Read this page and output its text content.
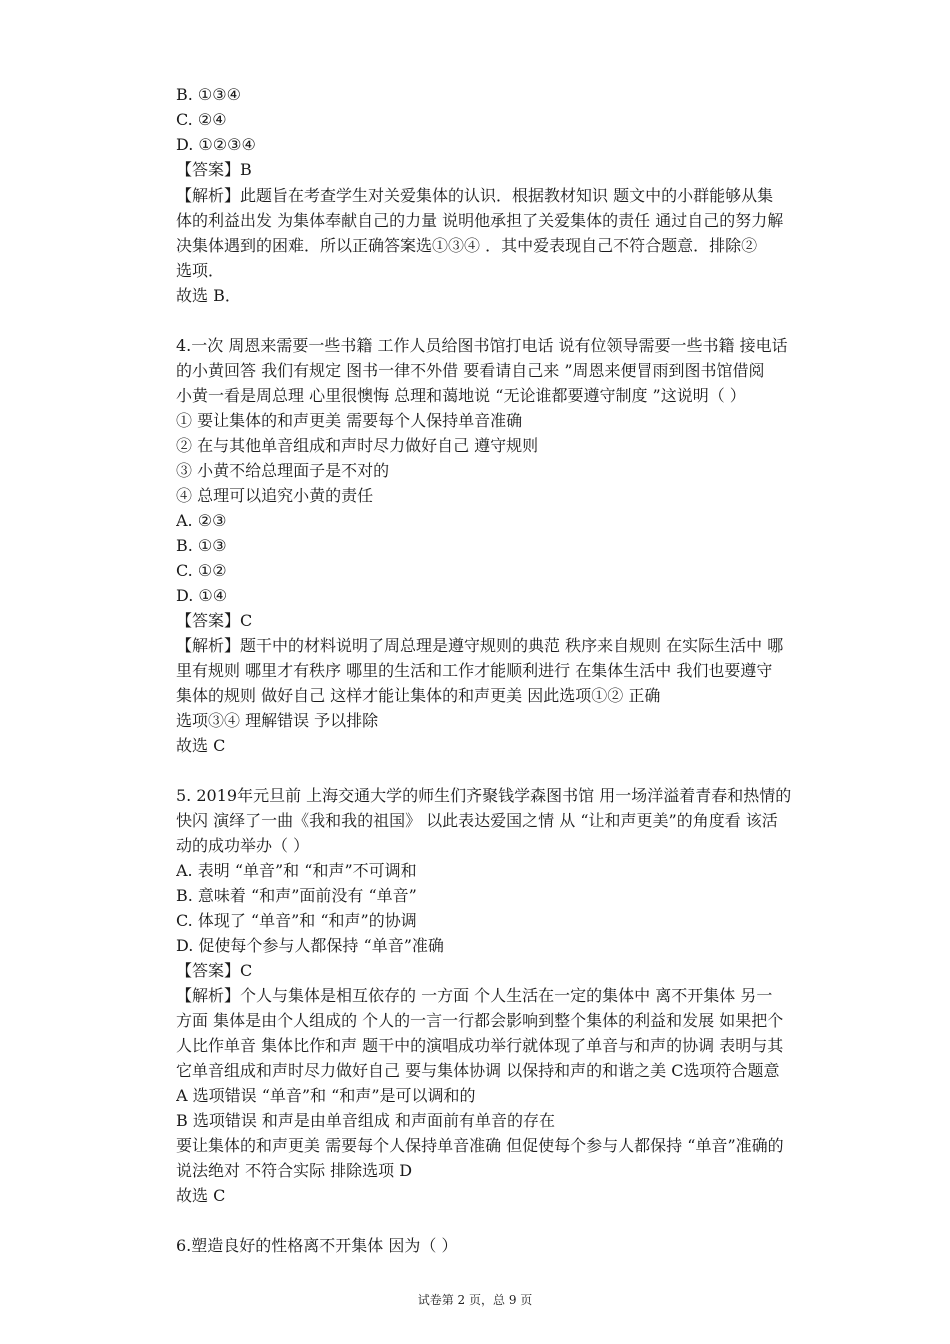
B. ①③④
C. ②④
D. ①②③④
【答案】B
【解析】此题旨在考查学生对关爱集体的认识．根据教材知识 题文中的小群能够从集
体的利益出发 为集体奉献自己的力量 说明他承担了关爱集体的责任 通过自己的努力解
决集体遇到的困难．所以正确答案选①③④ ．其中爱表现自己不符合题意．排除②
选项．
故选 B．
4.一次 周恩来需要一些书籍 工作人员给图书馆打电话 说有位领导需要一些书籍 接电话
的小黄回答 我们有规定 图书一律不外借 要看请自己来 ”周恩来便冒雨到图书馆借阅
小黄一看是周总理 心里很懊悔 总理和蔼地说 “无论谁都要遵守制度 ”这说明（ ）
① 要让集体的和声更美 需要每个人保持单音准确
② 在与其他单音组成和声时尽力做好自己 遵守规则
③ 小黄不给总理面子是不对的
④ 总理可以追究小黄的责任
A. ②③
B. ①③
C. ①②
D. ①④
【答案】C
【解析】题干中的材料说明了周总理是遵守规则的典范 秩序来自规则 在实际生活中 哪
里有规则 哪里才有秩序 哪里的生活和工作才能顺利进行 在集体生活中 我们也要遵守
集体的规则 做好自己 这样才能让集体的和声更美 因此选项①② 正确
选项③④ 理解错误 予以排除
故选 C
5. 2019年元旦前 上海交通大学的师生们齐聚钱学森图书馆 用一场洋溢着青春和热情的
快闪 演绎了一曲《我和我的祖国》 以此表达爱国之情 从 “让和声更美”的角度看 该活
动的成功举办（ ）
A. 表明 “单音”和 “和声”不可调和
B. 意味着 “和声”面前没有 “单音”
C. 体现了 “单音”和 “和声”的协调
D. 促使每个参与人都保持 “单音”准确
【答案】C
【解析】个人与集体是相互依存的 一方面 个人生活在一定的集体中 离不开集体 另一
方面 集体是由个人组成的 个人的一言一行都会影响到整个集体的利益和发展 如果把个
人比作单音 集体比作和声 题干中的演唱成功举行就体现了单音与和声的协调 表明与其
它单音组成和声时尽力做好自己 要与集体协调 以保持和声的和谐之美 C选项符合题意
A 选项错误 “单音”和 “和声”是可以调和的
B 选项错误 和声是由单音组成 和声面前有单音的存在
要让集体的和声更美 需要每个人保持单音准确 但促使每个参与人都保持 “单音”准确的
说法绝对 不符合实际 排除选项 D
故选 C
6.塑造良好的性格离不开集体 因为（ ）
试卷第 2 页，总 9 页
